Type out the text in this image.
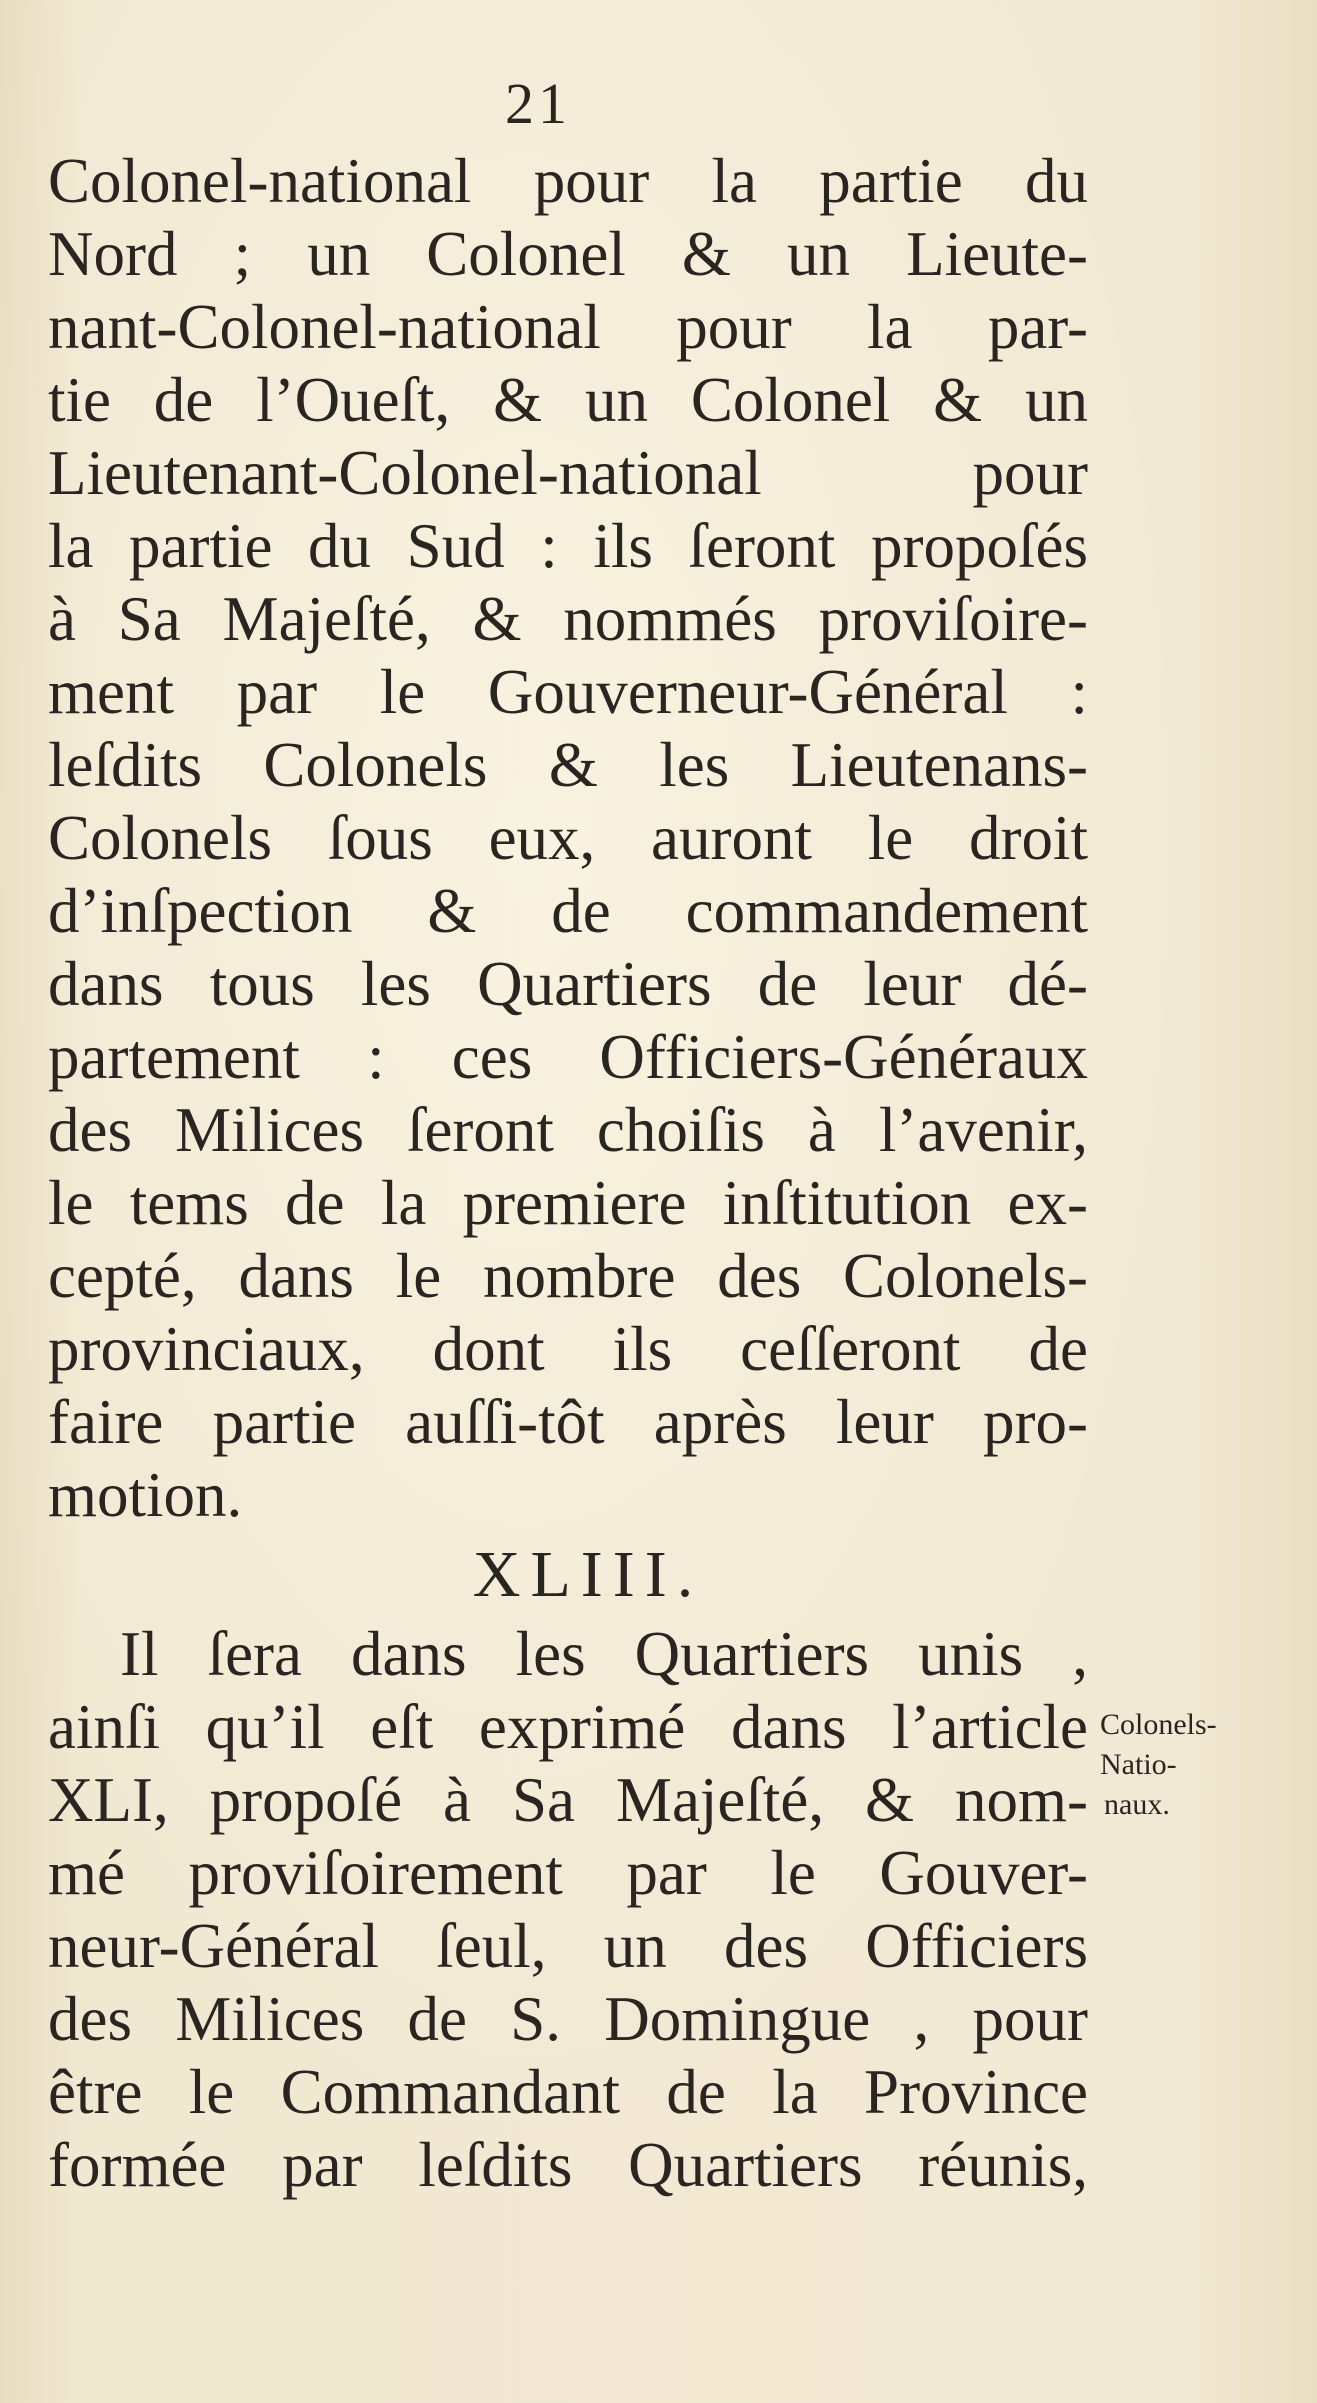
21
Colonel-national pour la partie du
Nord ; un Colonel & un Lieute-
nant-Colonel-national pour la par-
tie de l’Oueſt, & un Colonel & un
Lieutenant-Colonel-national pour
la partie du Sud : ils ſeront propoſés
à Sa Majeſté, & nommés proviſoire-
ment par le Gouverneur-Général :
leſdits Colonels & les Lieutenans-
Colonels ſous eux, auront le droit
d’inſpection & de commandement
dans tous les Quartiers de leur dé-
partement : ces Officiers-Généraux
des Milices ſeront choiſis à l’avenir,
le tems de la premiere inſtitution ex-
cepté, dans le nombre des Colonels-
provinciaux, dont ils ceſſeront de
faire partie auſſi-tôt après leur pro-
motion.
XLIII.
Il ſera dans les Quartiers unis ,
ainſi qu’il eſt exprimé dans l’article
XLI, propoſé à Sa Majeſté, & nom-
mé proviſoirement par le Gouver-
neur-Général ſeul, un des Officiers
des Milices de S. Domingue , pour
être le Commandant de la Province
formée par leſdits Quartiers réunis,
Colonels-
Natio-
naux.
